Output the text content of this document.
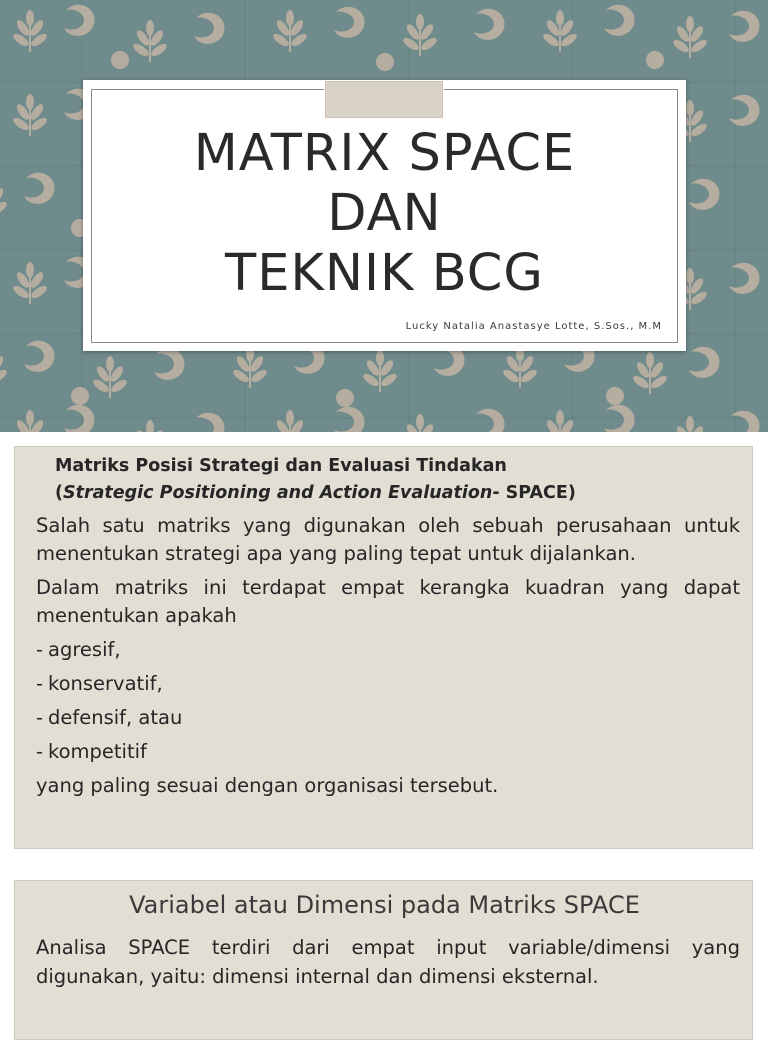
MATRIX SPACE
DAN
TEKNIK BCG
Lucky Natalia Anastasye Lotte, S.Sos., M.M
Matriks Posisi Strategi dan Evaluasi Tindakan
(Strategic Positioning and Action Evaluation- SPACE)

Salah satu matriks yang digunakan oleh sebuah perusahaan untuk menentukan strategi apa yang paling tepat untuk dijalankan.

Dalam matriks ini terdapat empat kerangka kuadran yang dapat menentukan apakah

- agresif,
- konservatif,
- defensif, atau
- kompetitif

yang paling sesuai dengan organisasi tersebut.

Variabel atau Dimensi pada Matriks SPACE

Analisa SPACE terdiri dari empat input variable/dimensi yang digunakan, yaitu: dimensi internal dan dimensi eksternal.
